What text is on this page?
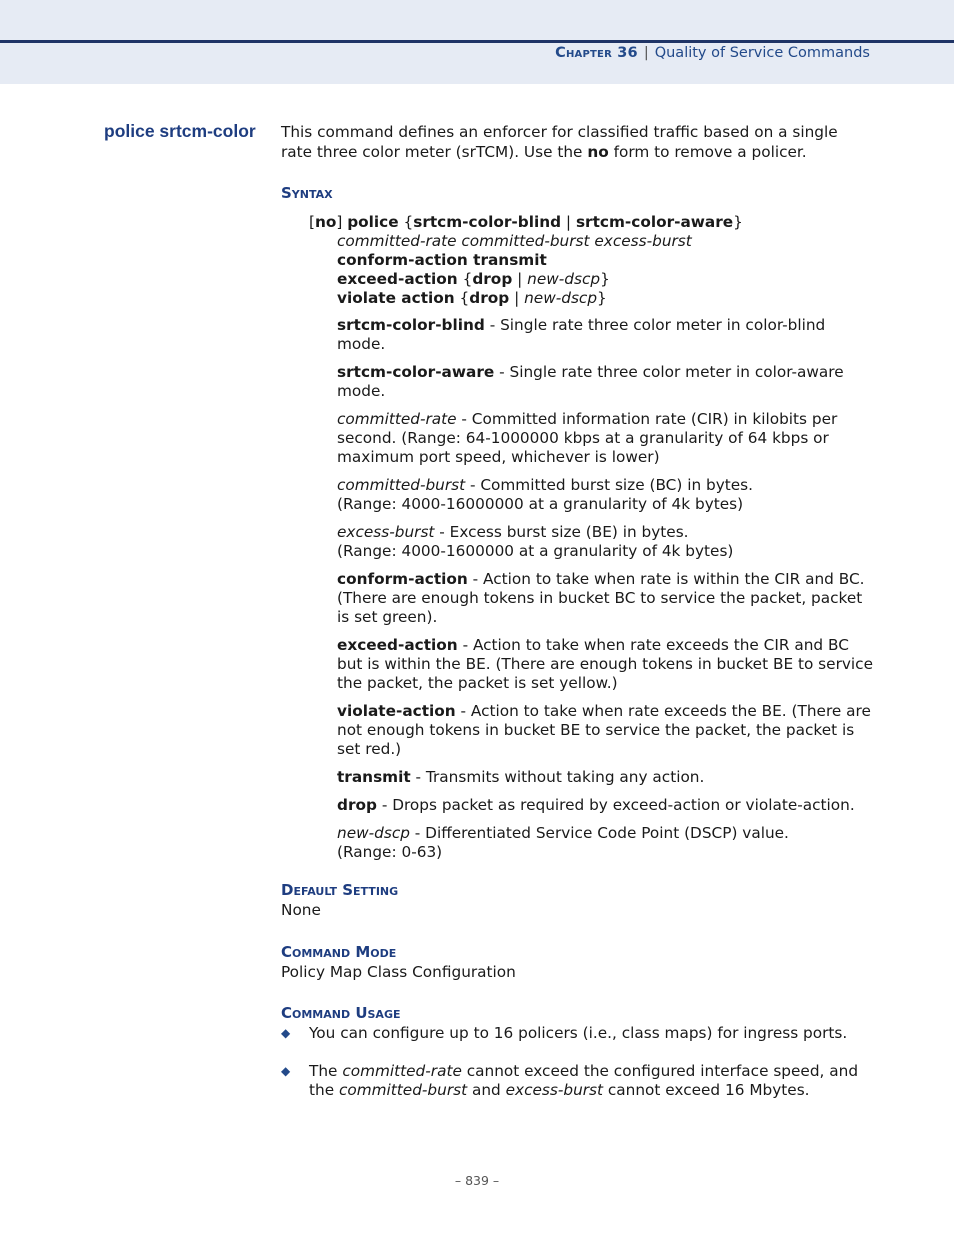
Chapter 36 | Quality of Service Commands
police srtcm-color This command defines an enforcer for classified traffic based on a single rate three color meter (srTCM). Use the no form to remove a policer.
Syntax
[no] police {srtcm-color-blind | srtcm-color-aware}
committed-rate committed-burst excess-burst
conform-action transmit
exceed-action {drop | new-dscp}
violate action {drop | new-dscp}
srtcm-color-blind - Single rate three color meter in color-blind mode.
srtcm-color-aware - Single rate three color meter in color-aware mode.
committed-rate - Committed information rate (CIR) in kilobits per second. (Range: 64-1000000 kbps at a granularity of 64 kbps or maximum port speed, whichever is lower)
committed-burst - Committed burst size (BC) in bytes.
(Range: 4000-16000000 at a granularity of 4k bytes)
excess-burst - Excess burst size (BE) in bytes.
(Range: 4000-1600000 at a granularity of 4k bytes)
conform-action - Action to take when rate is within the CIR and BC. (There are enough tokens in bucket BC to service the packet, packet is set green).
exceed-action - Action to take when rate exceeds the CIR and BC but is within the BE. (There are enough tokens in bucket BE to service the packet, the packet is set yellow.)
violate-action - Action to take when rate exceeds the BE. (There are not enough tokens in bucket BE to service the packet, the packet is set red.)
transmit - Transmits without taking any action.
drop - Drops packet as required by exceed-action or violate-action.
new-dscp - Differentiated Service Code Point (DSCP) value.
(Range: 0-63)
Default Setting
None
Command Mode
Policy Map Class Configuration
Command Usage
◆	You can configure up to 16 policers (i.e., class maps) for ingress ports.
◆	The committed-rate cannot exceed the configured interface speed, and the committed-burst and excess-burst cannot exceed 16 Mbytes.
– 839 –
